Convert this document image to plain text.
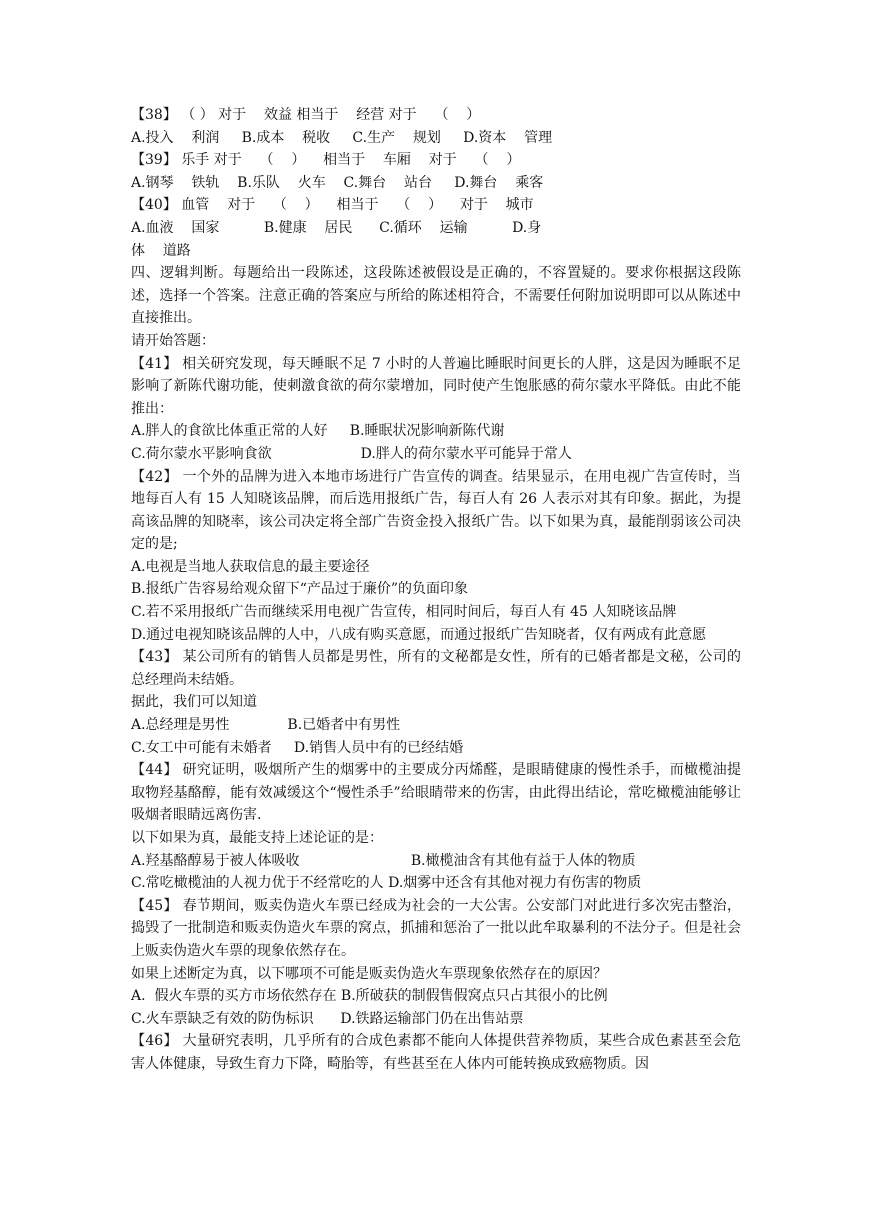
【38】 （ ） 对于    效益 相当于    经营 对于    （    ）
A.投入    利润     B.成本    税收     C.生产    规划     D.资本    管理
【39】 乐手 对于    （    ）    相当于    车厢    对于    （    ）
A.钢琴    铁轨    B.乐队    火车    C.舞台    站台     D.舞台    乘客
【40】 血管    对于    （    ）    相当于    （    ）    对于    城市
A.血液    国家          B.健康    居民      C.循环    运输          D.身
体    道路
四、逻辑判断。每题给出一段陈述，这段陈述被假设是正确的，不容置疑的。要求你根据这段陈述，选择一个答案。注意正确的答案应与所给的陈述相符合，不需要任何附加说明即可以从陈述中直接推出。
请开始答题：
【41】 相关研究发现，每天睡眠不足 7 小时的人普遍比睡眠时间更长的人胖，这是因为睡眠不足影响了新陈代谢功能，使刺激食欲的荷尔蒙增加，同时使产生饱胀感的荷尔蒙水平降低。由此不能推出：
A.胖人的食欲比体重正常的人好     B.睡眠状况影响新陈代谢
C.荷尔蒙水平影响食欲                    D.胖人的荷尔蒙水平可能异于常人
【42】 一个外的品牌为进入本地市场进行广告宣传的调查。结果显示，在用电视广告宣传时，当地每百人有 15 人知晓该品牌，而后选用报纸广告，每百人有 26 人表示对其有印象。据此，为提高该品牌的知晓率，该公司决定将全部广告资金投入报纸广告。以下如果为真，最能削弱该公司决定的是;
A.电视是当地人获取信息的最主要途径
B.报纸广告容易给观众留下“产品过于廉价”的负面印象
C.若不采用报纸广告而继续采用电视广告宣传，相同时间后，每百人有 45 人知晓该品牌
D.通过电视知晓该品牌的人中，八成有购买意愿，而通过报纸广告知晓者，仅有两成有此意愿
【43】 某公司所有的销售人员都是男性，所有的文秘都是女性，所有的已婚者都是文秘，公司的总经理尚未结婚。
据此，我们可以知道
A.总经理是男性             B.已婚者中有男性
C.女工中可能有未婚者     D.销售人员中有的已经结婚
【44】 研究证明，吸烟所产生的烟雾中的主要成分丙烯醛，是眼睛健康的慢性杀手，而橄榄油提取物羟基酪醇，能有效减缓这个“慢性杀手”给眼睛带来的伤害，由此得出结论，常吃橄榄油能够让吸烟者眼睛远离伤害.
以下如果为真，最能支持上述论证的是：
A.羟基酪醇易于被人体吸收                         B.橄榄油含有其他有益于人体的物质
C.常吃橄榄油的人视力优于不经常吃的人 D.烟雾中还含有其他对视力有伤害的物质
【45】 春节期间，贩卖伪造火车票已经成为社会的一大公害。公安部门对此进行多次宪击整治，捣毁了一批制造和贩卖伪造火车票的窝点，抓捕和惩治了一批以此牟取暴利的不法分子。但是社会上贩卖伪造火车票的现象依然存在。
如果上述断定为真，以下哪项不可能是贩卖伪造火车票现象依然存在的原因？
A.  假火车票的买方市场依然存在 B.所破获的制假售假窝点只占其很小的比例
C.火车票缺乏有效的防伪标识      D.铁路运输部门仍在出售站票
【46】 大量研究表明，几乎所有的合成色素都不能向人体提供营养物质，某些合成色素甚至会危害人体健康，导致生育力下降，畸胎等，有些甚至在人体内可能转换成致癌物质。因
